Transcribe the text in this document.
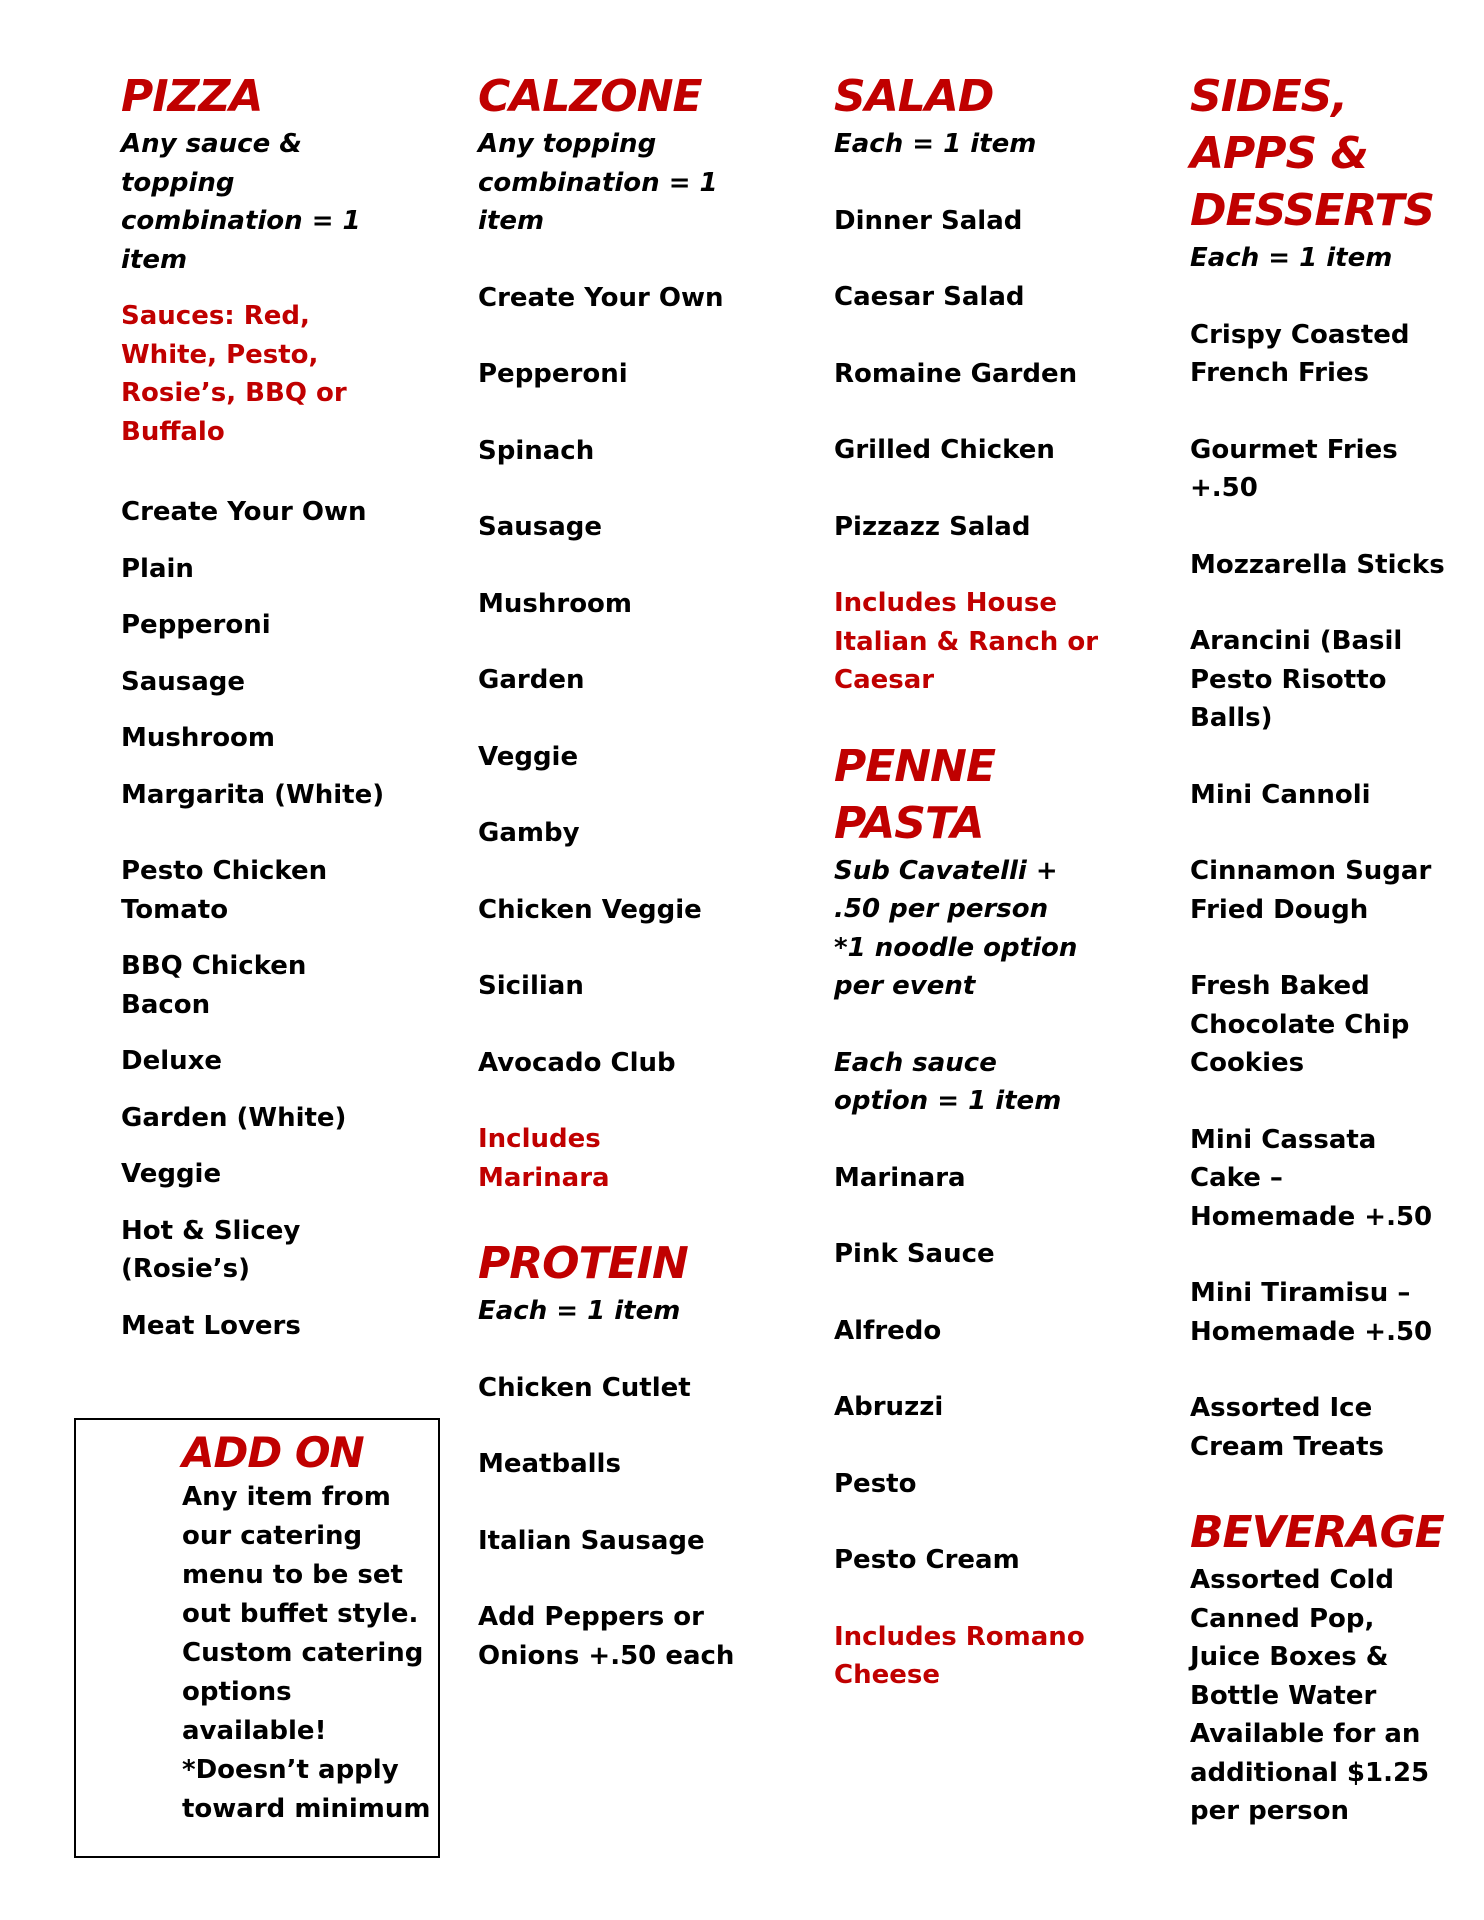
PIZZA

Any sauce &
topping
combination = 1
item

Sauces: Red,
White, Pesto,
Rosie’s, BBQ or
Buffalo

Create Your Own

Plain

Pepperoni

Sausage

Mushroom

Margarita (White)

Pesto Chicken
Tomato

BBQ Chicken
Bacon

Deluxe

Garden (White)

Veggie

Hot & Slicey
(Rosie’s)

Meat Lovers

ADD ON

Any item from
our catering
menu to be set
out buffet style.
Custom catering
options
available!
*Doesn’t apply
toward minimum

CALZONE

Any topping
combination = 1
item

Create Your Own

Pepperoni

Spinach

Sausage

Mushroom

Garden

Veggie

Gamby

Chicken Veggie

Sicilian

Avocado Club

Includes
Marinara

PROTEIN

Each = 1 item

Chicken Cutlet

Meatballs

Italian Sausage

Add Peppers or
Onions +.50 each

SALAD

Each = 1 item

Dinner Salad

Caesar Salad

Romaine Garden

Grilled Chicken

Pizzazz Salad

Includes House
Italian & Ranch or
Caesar

PENNE
PASTA

Sub Cavatelli +
.50 per person
*1 noodle option
per event

Each sauce
option = 1 item

Marinara

Pink Sauce

Alfredo

Abruzzi

Pesto

Pesto Cream

Includes Romano
Cheese

SIDES,
APPS &
DESSERTS

Each = 1 item

Crispy Coasted
French Fries

Gourmet Fries
+.50

Mozzarella Sticks

Arancini (Basil
Pesto Risotto
Balls)

Mini Cannoli

Cinnamon Sugar
Fried Dough

Fresh Baked
Chocolate Chip
Cookies

Mini Cassata
Cake –
Homemade +.50

Mini Tiramisu –
Homemade +.50

Assorted Ice
Cream Treats

BEVERAGE

Assorted Cold
Canned Pop,
Juice Boxes &
Bottle Water
Available for an
additional $1.25
per person
